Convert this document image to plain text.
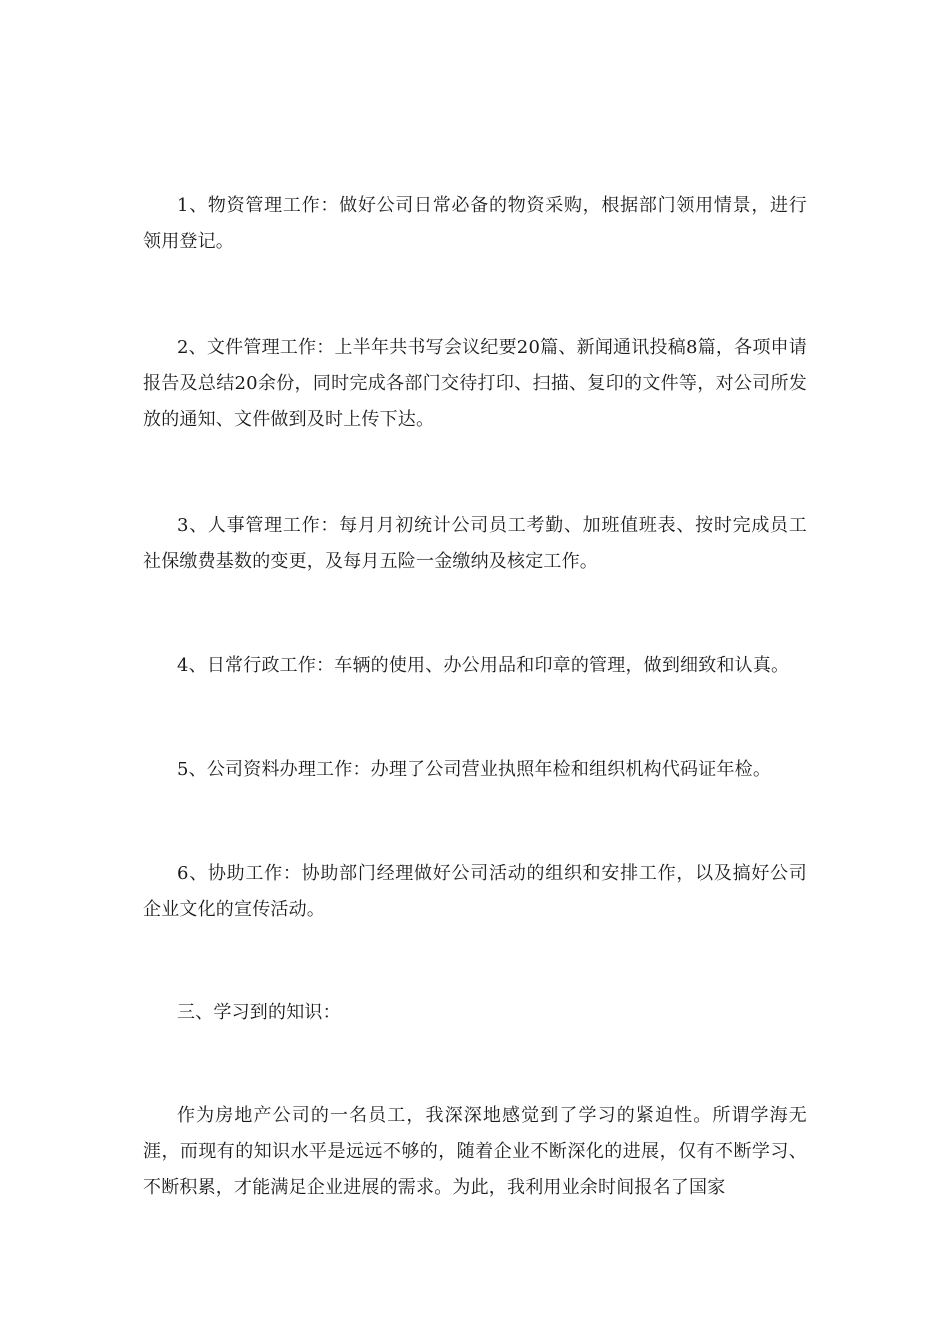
1、物资管理工作：做好公司日常必备的物资采购，根据部门领用情景，进行领用登记。

2、文件管理工作：上半年共书写会议纪要20篇、新闻通讯投稿8篇，各项申请报告及总结20余份，同时完成各部门交待打印、扫描、复印的文件等，对公司所发放的通知、文件做到及时上传下达。

3、人事管理工作：每月月初统计公司员工考勤、加班值班表、按时完成员工社保缴费基数的变更，及每月五险一金缴纳及核定工作。

4、日常行政工作：车辆的使用、办公用品和印章的管理，做到细致和认真。

5、公司资料办理工作：办理了公司营业执照年检和组织机构代码证年检。

6、协助工作：协助部门经理做好公司活动的组织和安排工作，以及搞好公司企业文化的宣传活动。

三、学习到的知识：

作为房地产公司的一名员工，我深深地感觉到了学习的紧迫性。所谓学海无涯，而现有的知识水平是远远不够的，随着企业不断深化的进展，仅有不断学习、不断积累，才能满足企业进展的需求。为此，我利用业余时间报名了国家
